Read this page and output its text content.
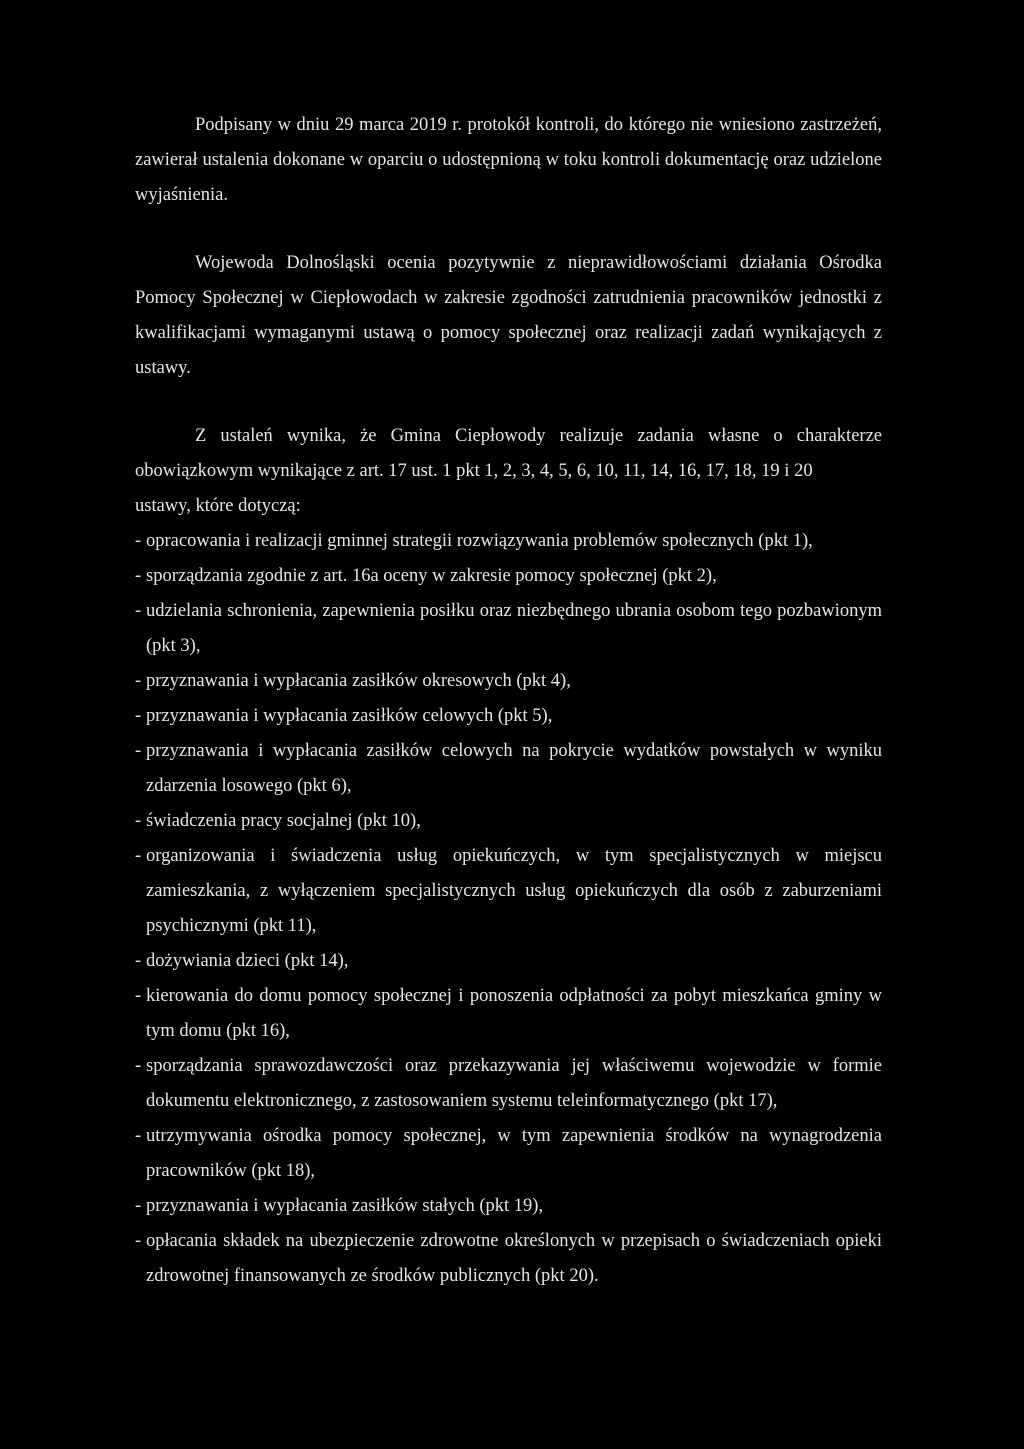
Podpisany w dniu 29 marca 2019 r. protokół kontroli, do którego nie wniesiono zastrzeżeń, zawierał ustalenia dokonane w oparciu o udostępnioną w toku kontroli dokumentację oraz udzielone wyjaśnienia.

Wojewoda Dolnośląski ocenia pozytywnie z nieprawidłowościami działania Ośrodka Pomocy Społecznej w Ciepłowodach w zakresie zgodności zatrudnienia pracowników jednostki z kwalifikacjami wymaganymi ustawą o pomocy społecznej oraz realizacji zadań wynikających z ustawy.

Z ustaleń wynika, że Gmina Ciepłowody realizuje zadania własne o charakterze obowiązkowym wynikające z art. 17 ust. 1 pkt 1, 2, 3, 4, 5, 6, 10, 11, 14, 16, 17, 18, 19 i 20

ustawy, które dotyczą:

- opracowania i realizacji gminnej strategii rozwiązywania problemów społecznych (pkt 1),
- sporządzania zgodnie z art. 16a oceny w zakresie pomocy społecznej (pkt 2),
- udzielania schronienia, zapewnienia posiłku oraz niezbędnego ubrania osobom tego pozbawionym (pkt 3),
- przyznawania i wypłacania zasiłków okresowych (pkt 4),
- przyznawania i wypłacania zasiłków celowych (pkt 5),
- przyznawania i wypłacania zasiłków celowych na pokrycie wydatków powstałych w wyniku zdarzenia losowego (pkt 6),
- świadczenia pracy socjalnej (pkt 10),
- organizowania i świadczenia usług opiekuńczych, w tym specjalistycznych w miejscu zamieszkania, z wyłączeniem specjalistycznych usług opiekuńczych dla osób z zaburzeniami psychicznymi (pkt 11),
- dożywiania dzieci (pkt 14),
- kierowania do domu pomocy społecznej i ponoszenia odpłatności za pobyt mieszkańca gminy w tym domu (pkt 16),
- sporządzania sprawozdawczości oraz przekazywania jej właściwemu wojewodzie w formie dokumentu elektronicznego, z zastosowaniem systemu teleinformatycznego (pkt 17),
- utrzymywania ośrodka pomocy społecznej, w tym zapewnienia środków na wynagrodzenia pracowników (pkt 18),
- przyznawania i wypłacania zasiłków stałych (pkt 19),
- opłacania składek na ubezpieczenie zdrowotne określonych w przepisach o świadczeniach opieki zdrowotnej finansowanych ze środków publicznych (pkt 20).
